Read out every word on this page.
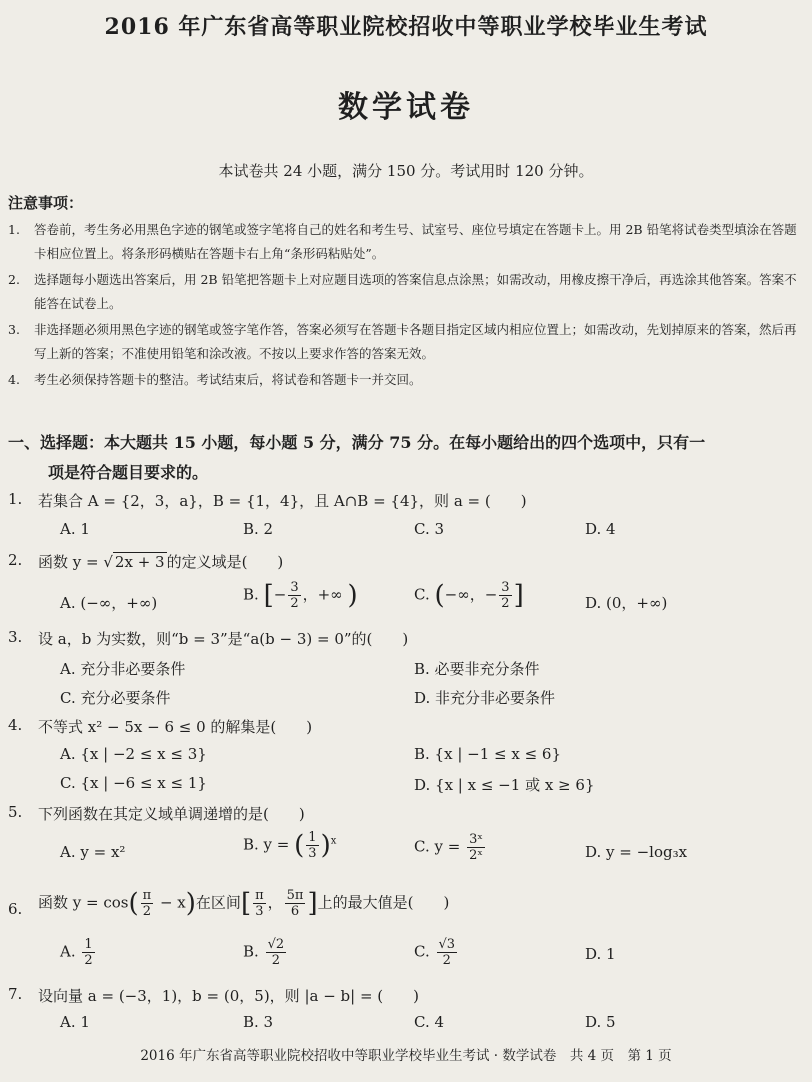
2016 年广东省高等职业院校招收中等职业学校毕业生考试
数学试卷
本试卷共 24 小题，满分 150 分。考试用时 120 分钟。
注意事项：
1. 答卷前，考生务必用黑色字迹的钢笔或签字笔将自己的姓名和考生号、试室号、座位号填定在答题卡上。用 2B 铅笔将试卷类型填涂在答题卡相应位置上。将条形码横贴在答题卡右上角“条形码粘贴处”。
2. 选择题每小题选出答案后，用 2B 铅笔把答题卡上对应题目选项的答案信息点涂黑；如需改动，用橡皮擦干净后，再选涂其他答案。答案不能答在试卷上。
3. 非选择题必须用黑色字迹的钢笔或签字笔作答，答案必须写在答题卡各题目指定区域内相应位置上；如需改动，先划掉原来的答案，然后再写上新的答案；不准使用铅笔和涂改液。不按以上要求作答的答案无效。
4. 考生必须保持答题卡的整洁。考试结束后，将试卷和答题卡一并交回。
一、选择题：本大题共 15 小题，每小题 5 分，满分 75 分。在每小题给出的四个选项中，只有一
项是符合题目要求的。
1. 若集合 A = {2，3，a}，B = {1，4}，且 A∩B = {4}，则 a = (　　)
A. 1	B. 2	C. 3	D. 4
2. 函数 y = √ 2x + 3 的定义域是(　　)
A. (−∞，+∞)	B. [− $\frac{3}{2}$ ，+∞ )	C. (−∞，− $\frac{3}{2}$ ]	D. (0，+∞)
3. 设 a，b 为实数，则“b = 3”是“a(b − 3) = 0”的(　　)
A. 充分非必要条件	B. 必要非充分条件
C. 充分必要条件	D. 非充分非必要条件
4. 不等式 x² − 5x − 6 ≤ 0 的解集是(　　)
A. {x | −2 ≤ x ≤ 3}	B. {x | −1 ≤ x ≤ 6}
C. {x | −6 ≤ x ≤ 1}	D. {x | x ≤ −1 或 x ≥ 6}
5. 下列函数在其定义域单调递增的是(　　)
A. y = x²	B. y = ( $\frac{1}{3} )^x$	C. $y = \frac{\text{3ˣ}}{\text{2ˣ}}$	D. y = −log₃x
6. 函数 $y = \cos( \frac{\pi}{2} - x)$在区间[ $\frac{\pi}{3}$ ， $\frac{5\pi}{6}$ ]上的最大值是(　　)
A. $\frac{1}{2}$	B. $\frac{√2}{2}$	C. $\frac{√3}{2}$	D. 1
7. 设向量 a = (−3，1)，b = (0，5)，则 |a − b| = (　　)
A. 1	B. 3	C. 4	D. 5
2016 年广东省高等职业院校招收中等职业学校毕业生考试 · 数学试卷　共 4 页　第 1 页
